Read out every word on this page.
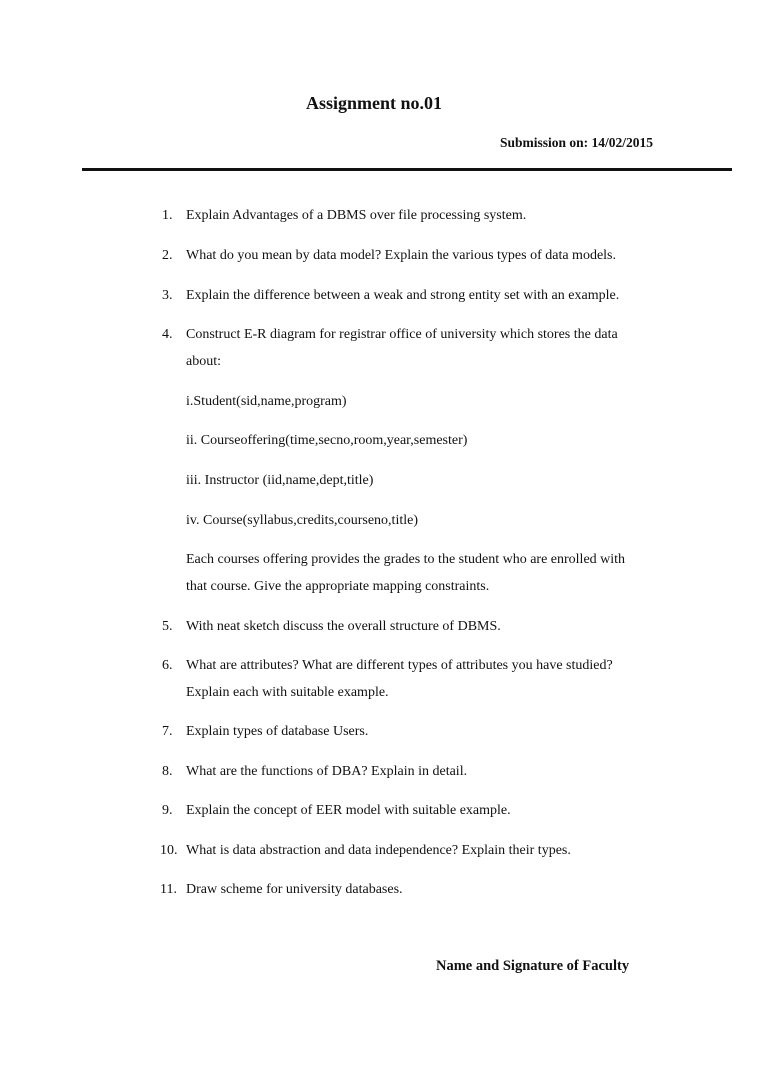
Assignment no.01
Submission on: 14/02/2015
1. Explain Advantages of a DBMS over file processing system.
2. What do you mean by data model? Explain the various types of data models.
3. Explain the difference between a weak and strong entity set with an example.
4. Construct E-R diagram for registrar office of university which stores the data
about:
i.Student(sid,name,program)
ii. Courseoffering(time,secno,room,year,semester)
iii. Instructor (iid,name,dept,title)
iv. Course(syllabus,credits,courseno,title)
Each courses offering provides the grades to the student who are enrolled with
that course. Give the appropriate mapping constraints.
5. With neat sketch discuss the overall structure of DBMS.
6. What are attributes? What are different types of attributes you have studied?
Explain each with suitable example.
7. Explain types of database Users.
8. What are the functions of DBA? Explain in detail.
9. Explain the concept of EER model with suitable example.
10. What is data abstraction and data independence? Explain their types.
11. Draw scheme for university databases.
Name and Signature of Faculty
